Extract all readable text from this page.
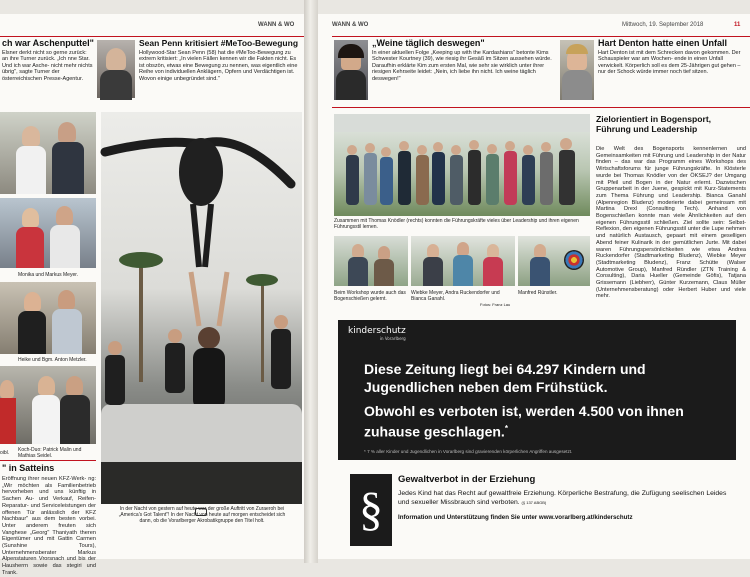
WANN & WO
ch war Aschenputtel"
Elsner derkt nicht so gerne zurück: an ihre Turner zurück. „Ich nne Star. Und ich war Asche- nicht mehr nichts übrig", sagte Turner der österreichischen Presse-Agentur.
Sean Penn kritisiert #MeToo-Bewegung
Hollywood-Star Sean Penn (58) hat die #MeToo-Bewegung zu extrem kritisiert: „In vielen Fällen kennen wir die Fakten nicht. Es ist obszön, etwas eine Bewegung zu nennen, was eigentlich eine Reihe von individuellen Anklägern, Opfern und Verdächtigen ist. Wovon einige unbegründet sind."
Monika und Markus Meyer.
Heike und Bgm. Anton Metzler.
oibl.	Koch-Duo: Patrick Malin und Mathias Seidel.
" in Satteins
Eröffnung ihrer neuen KFZ-Werk- ng: „Wir möchten als Familienbetrieb hervorheben und uns künftig in Sachen Au- und Verkauf, Reifen- Reparatur- und Serviceleistungen der offenen Tür anlässlich der KFZ Nachbaur" aus dem besten vorbei. Unter anderem freuten sich Vanghese „Georg" Thaniyath theren Eigentümer und mit Gattin Carmen (Sunshine Tours), Unternehmensberater Markus Alpenstaturen Vrorsnach und bis der Hausherrn sowie das stegiri und Trank.
In der Nacht von gestern auf heute war der große Auftritt von Zuraeroh bei „America's Got Talent"! In der Nacht von heute auf morgen entscheidet sich dann, ob die Vorarlberger Akrobatikgruppe den Titel holt.
WANN & WO	Mittwoch, 19. September 2018	11
„Weine täglich deswegen"
In einer aktuellen Folge „Keeping up with the Kardashians" betonte Kims Schwester Kourtney (39), wie riesig ihr Gesäß im Sitzen aussehen würde. Daraufhin erklärte Kim zum ersten Mal, wie sehr sie wirklich unter ihrer riesigen Kehrseite leidet: „Nein, ich liebe ihn nicht. Ich weine täglich deswegen!"
Hart Denton hatte einen Unfall
Hart Denton ist mit dem Schrecken davon gekommen. Der Schauspieler war am Wochen- ende in einen Unfall verwickelt. Körperlich soll es dem 25-Jährigen gut gehen – nur der Schock würde immer noch tief sitzen.
Zusammen mit Thomas Knödler (rechts) konnten die Führungskräfte vieles über Leadership und ihren eigenen Führungsstil lernen.
Beim Workshop wurde auch das Bogenschießen gelernt.
Wiebke Meyer, Andra Ruckendorfer und Bianca Ganahl.
Manfred Rünstler.
Fotos: Franz Lau
Zielorientiert in Bogensport, Führung und Leadership
Die Welt des Bogensports kennenlernen und Gemeinsamkeiten mit Führung und Leadership in der Natur finden – das war das Programm eines Workshops des Wirtschaftsforums für junge Führungskräfte. In Klösterle wurde bei Thomas Knödler von der ÖKSEJ? der Umgang mit Pfeil und Bogen in der Natur erlernt. Dazwischen Gruppenarbeit in der Juene, gespickt mit Kurz-Statements zum Thema Führung und Leadership. Bianca Ganahl (Alpenregion Bludenz) moderierte dabei gemeinsam mit Martina Drexl (Consulting Tech). Anhand von Bogenschießen konnte man viele Ähnlichkeiten auf den eigenen Führungsstil schließen. Ziel sollte sein: Selbst-Reflexion, den eigenen Führungsstil unter die Lupe nehmen und natürlich Austausch, gepaart mit einem geselligen Abend feiner Kulinarik in der gemütlichen Jurte. Mit dabei waren Führungspersönlichkeiten wie etwa Andrea Ruckendorfer (Stadtmarketing Bludenz), Wiebke Meyer (Stadtmarketing Bludenz), Franz Schütte (Walser Automotive Group), Manfred Ründler (ZTN Training & Consulting), Daria Hueller (Gemeinde Göfis), Tatjana Grissemann (Liebherr), Günter Kurzemann, Claus Müller (Unternehmensberatung) oder Herbert Huber und viele mehr.
kinderschutz
in Vorarlberg
Diese Zeitung liegt bei 64.297 Kindern und Jugendlichen neben dem Frühstück.
Obwohl es verboten ist, werden 4.500 von ihnen zuhause geschlagen.*
* 7 % aller Kinder und Jugendlichen in Vorarlberg sind gravierenden körperlichen Angriffen ausgesetzt.
§
Gewaltverbot in der Erziehung
Jedes Kind hat das Recht auf gewaltfreie Erziehung. Körperliche Bestrafung, die Zufügung seelischen Leides und sexueller Missbrauch sind verboten. (§ 137 ABGB)
Information und Unterstützung finden Sie unter www.vorarlberg.at/kinderschutz
